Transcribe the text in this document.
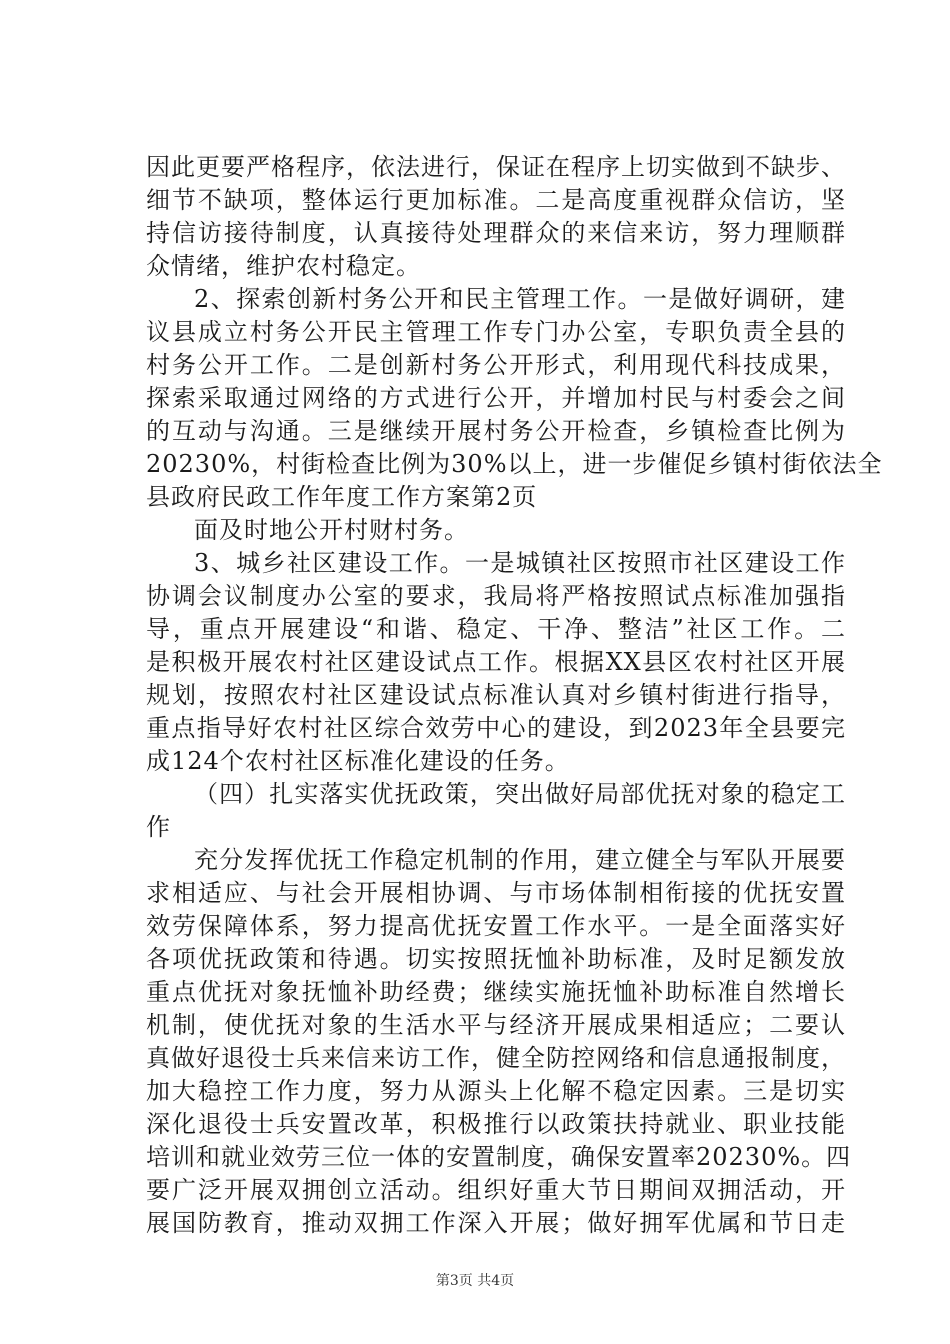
因此更要严格程序，依法进行，保证在程序上切实做到不缺步、
细节不缺项，整体运行更加标准。二是高度重视群众信访，坚
持信访接待制度，认真接待处理群众的来信来访，努力理顺群
众情绪，维护农村稳定。
2、探索创新村务公开和民主管理工作。一是做好调研，建
议县成立村务公开民主管理工作专门办公室，专职负责全县的
村务公开工作。二是创新村务公开形式，利用现代科技成果，
探索采取通过网络的方式进行公开，并增加村民与村委会之间
的互动与沟通。三是继续开展村务公开检查，乡镇检查比例为
20230%，村街检查比例为30%以上，进一步催促乡镇村街依法全
县政府民政工作年度工作方案第2页
面及时地公开村财村务。
3、城乡社区建设工作。一是城镇社区按照市社区建设工作
协调会议制度办公室的要求，我局将严格按照试点标准加强指
导，重点开展建设“和谐、稳定、干净、整洁”社区工作。二
是积极开展农村社区建设试点工作。根据XX县区农村社区开展
规划，按照农村社区建设试点标准认真对乡镇村街进行指导，
重点指导好农村社区综合效劳中心的建设，到2023年全县要完
成124个农村社区标准化建设的任务。
（四）扎实落实优抚政策，突出做好局部优抚对象的稳定工
作
充分发挥优抚工作稳定机制的作用，建立健全与军队开展要
求相适应、与社会开展相协调、与市场体制相衔接的优抚安置
效劳保障体系，努力提高优抚安置工作水平。一是全面落实好
各项优抚政策和待遇。切实按照抚恤补助标准，及时足额发放
重点优抚对象抚恤补助经费；继续实施抚恤补助标准自然增长
机制，使优抚对象的生活水平与经济开展成果相适应；二要认
真做好退役士兵来信来访工作，健全防控网络和信息通报制度，
加大稳控工作力度，努力从源头上化解不稳定因素。三是切实
深化退役士兵安置改革，积极推行以政策扶持就业、职业技能
培训和就业效劳三位一体的安置制度，确保安置率20230%。四
要广泛开展双拥创立活动。组织好重大节日期间双拥活动，开
展国防教育，推动双拥工作深入开展；做好拥军优属和节日走
第3页 共4页
